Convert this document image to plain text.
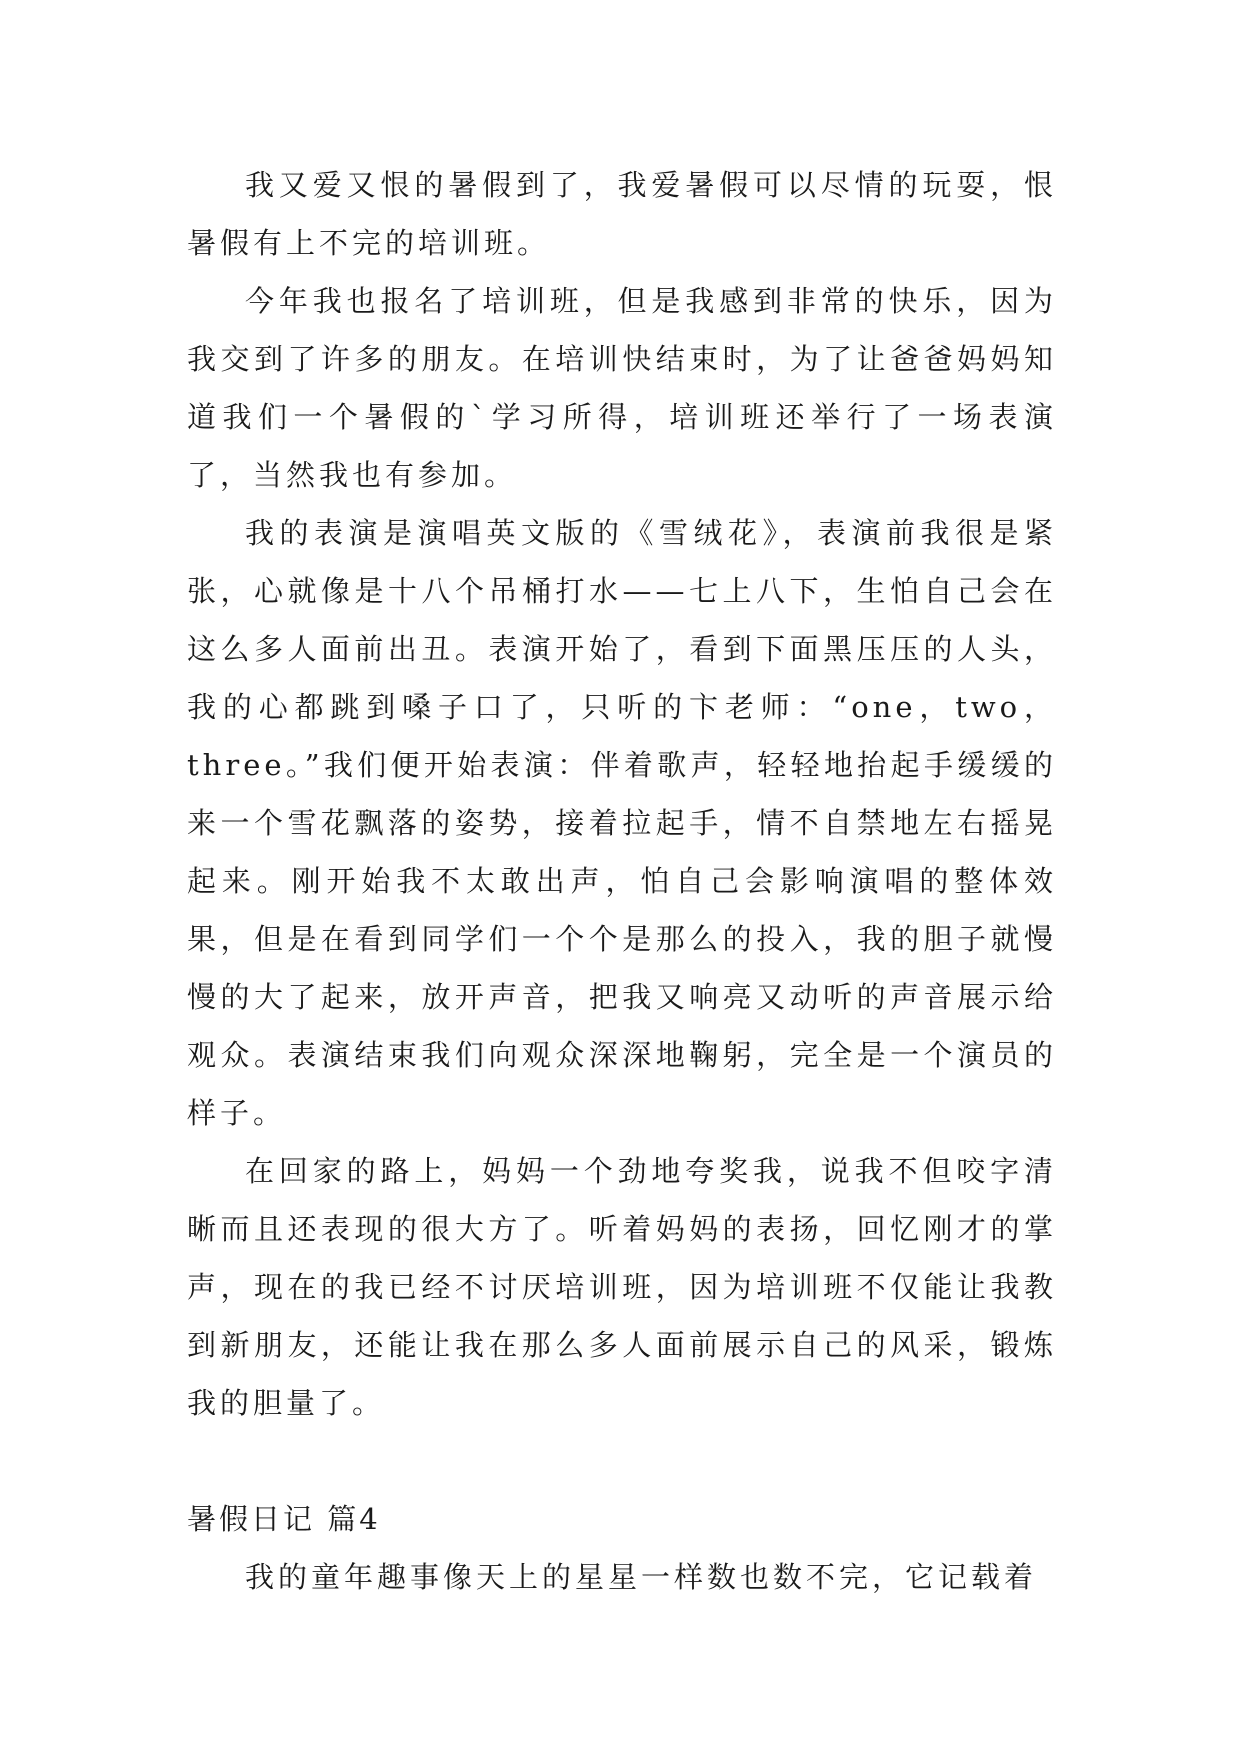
我又爱又恨的暑假到了，我爱暑假可以尽情的玩耍，恨暑假有上不完的培训班。

今年我也报名了培训班，但是我感到非常的快乐，因为我交到了许多的朋友。在培训快结束时，为了让爸爸妈妈知道我们一个暑假的`学习所得，培训班还举行了一场表演了，当然我也有参加。

我的表演是演唱英文版的《雪绒花》，表演前我很是紧张，心就像是十八个吊桶打水——七上八下，生怕自己会在这么多人面前出丑。表演开始了，看到下面黑压压的人头，我的心都跳到嗓子口了，只听的卞老师：“one，two，three。”我们便开始表演：伴着歌声，轻轻地抬起手缓缓的来一个雪花飘落的姿势，接着拉起手，情不自禁地左右摇晃起来。刚开始我不太敢出声，怕自己会影响演唱的整体效果，但是在看到同学们一个个是那么的投入，我的胆子就慢慢的大了起来，放开声音，把我又响亮又动听的声音展示给观众。表演结束我们向观众深深地鞠躬，完全是一个演员的样子。

在回家的路上，妈妈一个劲地夸奖我，说我不但咬字清晰而且还表现的很大方了。听着妈妈的表扬，回忆刚才的掌声，现在的我已经不讨厌培训班，因为培训班不仅能让我教到新朋友，还能让我在那么多人面前展示自己的风采，锻炼我的胆量了。

暑假日记 篇4

我的童年趣事像天上的星星一样数也数不完，它记载着
